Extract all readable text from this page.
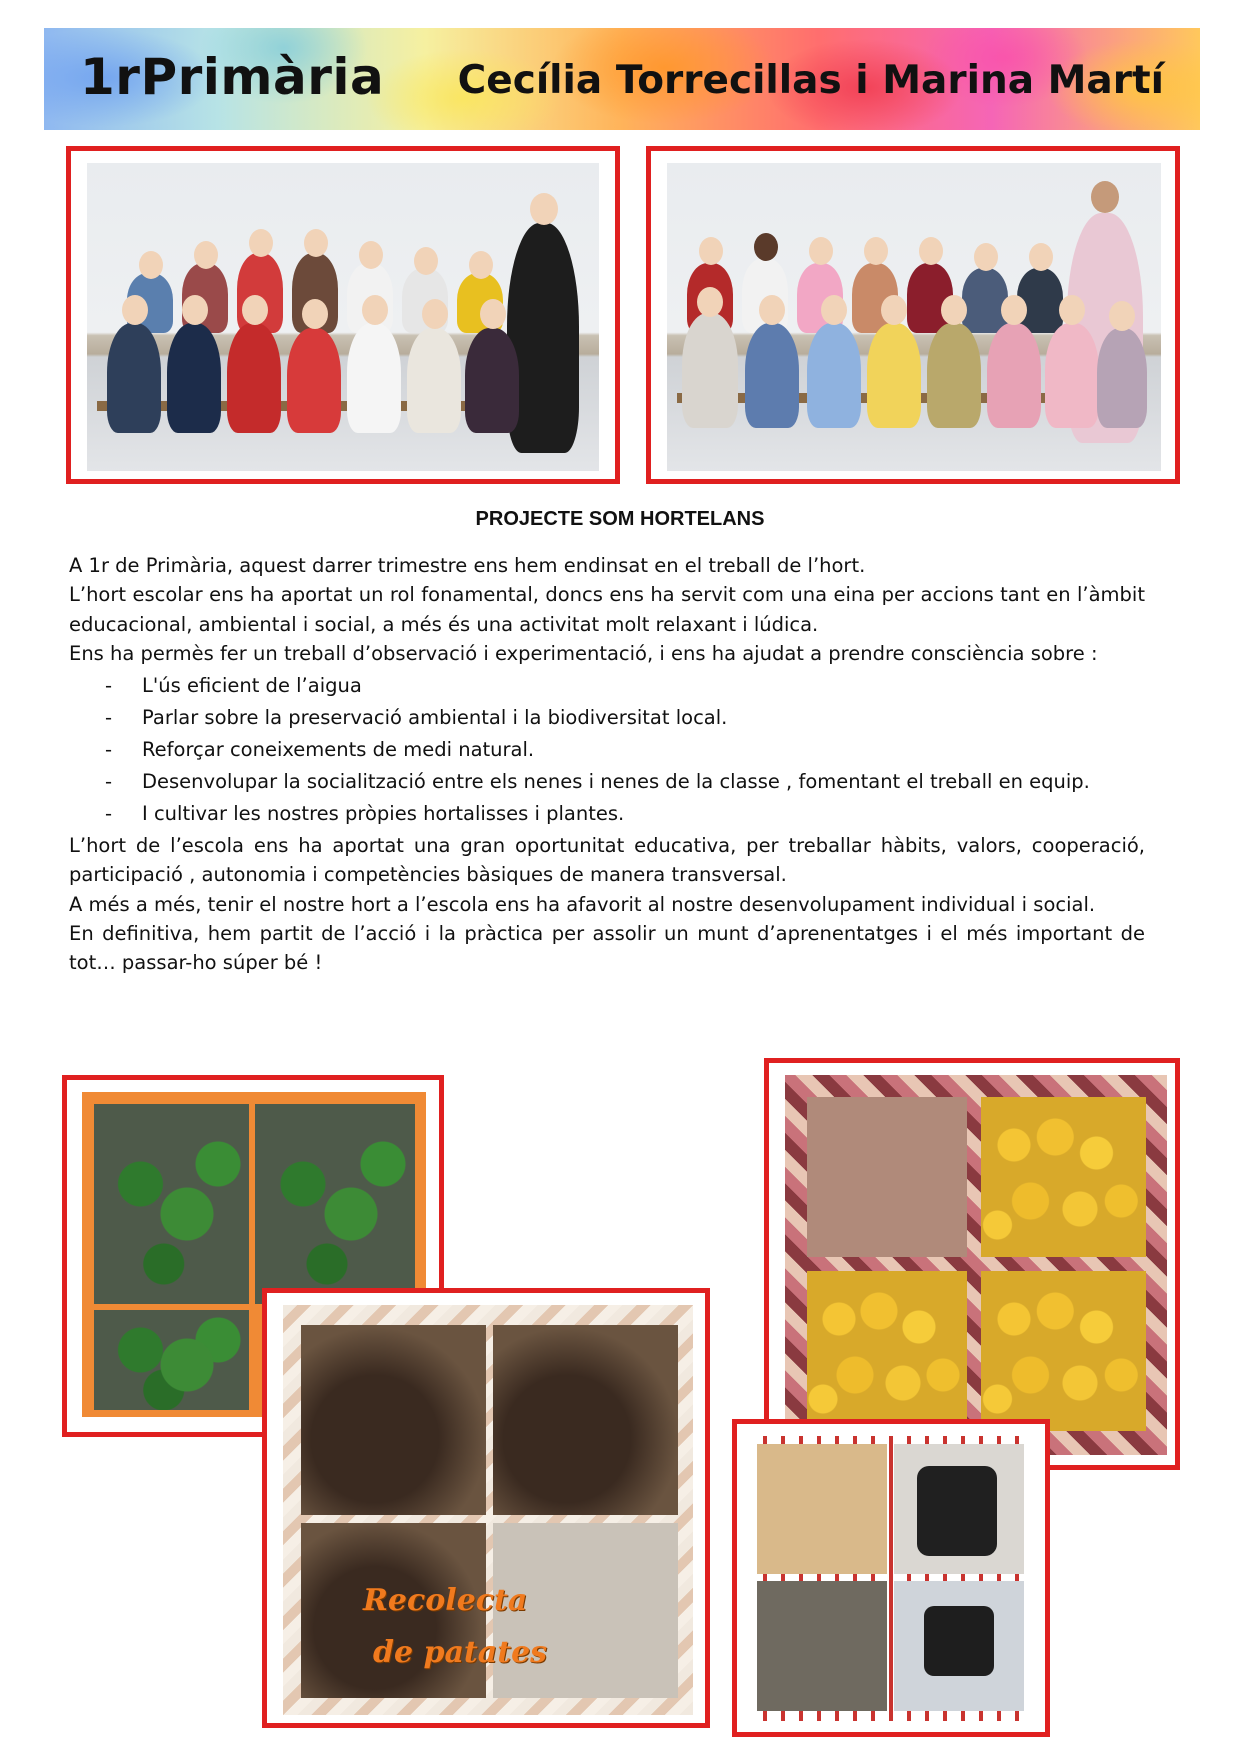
1rPrimària Cecília Torrecillas i Marina Martí
PROJECTE SOM HORTELANS

A 1r de Primària, aquest darrer trimestre ens hem endinsat en el treball de l’hort.

L’hort escolar ens ha aportat un rol fonamental, doncs ens ha servit com una eina per accions tant en l’àmbit educacional, ambiental i social, a més és una activitat molt relaxant i lúdica.

Ens ha permès fer un treball d’observació i experimentació, i ens ha ajudat a prendre consciència sobre :

- L'ús eficient de l’aigua
- Parlar sobre la preservació ambiental i la biodiversitat local.
- Reforçar coneixements de medi natural.
- Desenvolupar la socialització entre els nenes i nenes de la classe , fomentant el treball en equip.
- I cultivar les nostres pròpies hortalisses i plantes.

L’hort de l’escola ens ha aportat una gran oportunitat educativa, per treballar hàbits, valors, cooperació, participació , autonomia i competències bàsiques de manera transversal.

A més a més, tenir el nostre hort a l’escola ens ha afavorit al nostre desenvolupament individual i social.

En definitiva, hem partit de l’acció i la pràctica per assolir un munt d’aprenentatges i el més important de tot… passar-ho súper bé !

Recolecta
de patates
